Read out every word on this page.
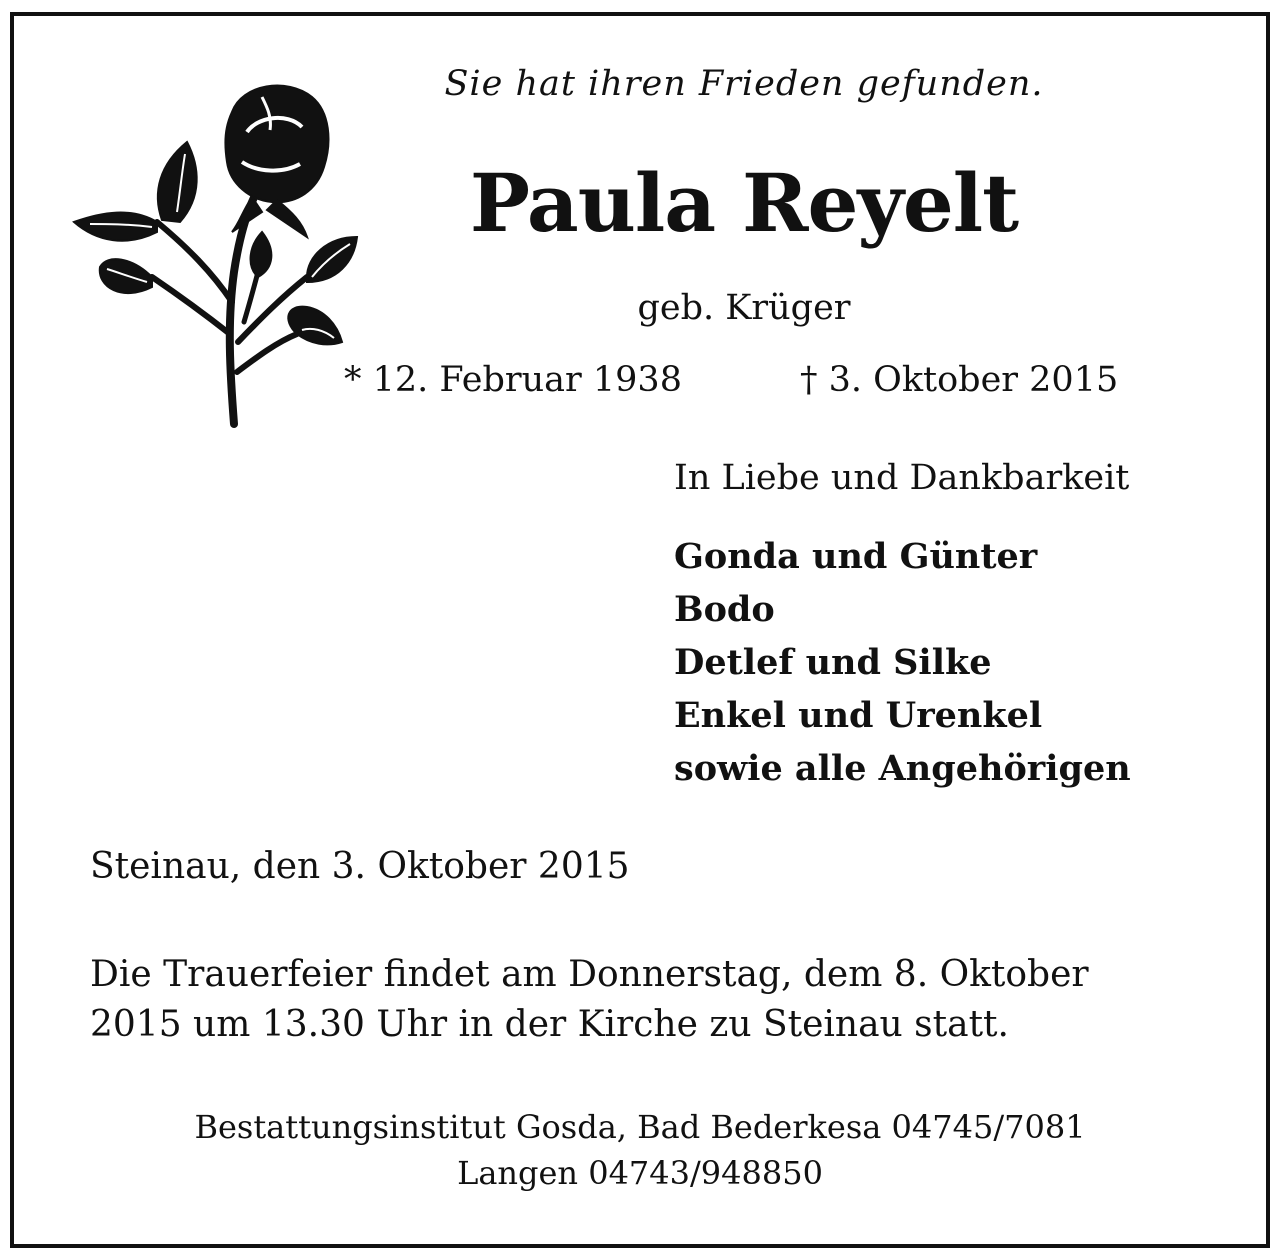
Sie hat ihren Frieden gefunden.
Paula Reyelt
geb. Krüger
* 12. Februar 1938	† 3. Oktober 2015
In Liebe und Dankbarkeit
Gonda und Günter
Bodo
Detlef und Silke
Enkel und Urenkel
sowie alle Angehörigen
Steinau, den 3. Oktober 2015
Die Trauerfeier findet am Donnerstag, dem 8. Oktober
2015 um 13.30 Uhr in der Kirche zu Steinau statt.
Bestattungsinstitut Gosda, Bad Bederkesa 04745/7081
Langen 04743/948850
